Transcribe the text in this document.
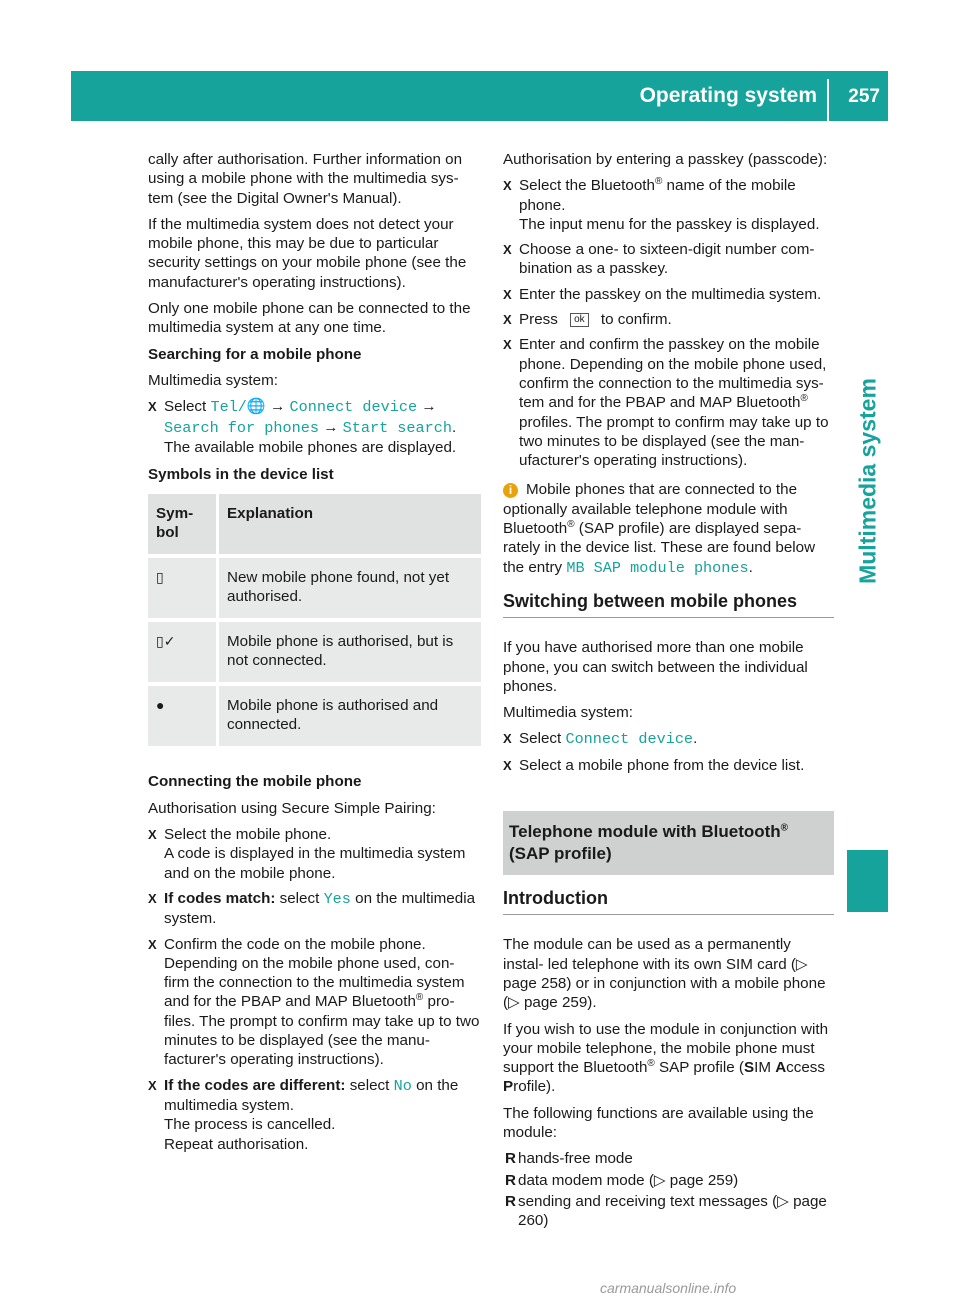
Operating system 257
Multimedia system

cally after authorisation. Further information on using a mobile phone with the multimedia sys- tem (see the Digital Owner's Manual).

If the multimedia system does not detect your mobile phone, this may be due to particular security settings on your mobile phone (see the manufacturer's operating instructions).

Only one mobile phone can be connected to the multimedia system at any one time.

Searching for a mobile phone

Multimedia system:

X Select Tel/🌐 → Connect device → Search for phones → Start search.
The available mobile phones are displayed.

Symbols in the device list

Sym- bol	Explanation
▯	New mobile phone found, not yet authorised.
▯✓	Mobile phone is authorised, but is not connected.
●	Mobile phone is authorised and connected.

Connecting the mobile phone

Authorisation using Secure Simple Pairing:

X Select the mobile phone.
A code is displayed in the multimedia system and on the mobile phone.
X If codes match: select Yes on the multimedia system.
X Confirm the code on the mobile phone.
Depending on the mobile phone used, con- firm the connection to the multimedia system and for the PBAP and MAP Bluetooth® pro- files. The prompt to confirm may take up to two minutes to be displayed (see the manu- facturer's operating instructions).
X If the codes are different: select No on the multimedia system.
The process is cancelled.
Repeat authorisation.

Authorisation by entering a passkey (passcode):

X Select the Bluetooth® name of the mobile phone.
The input menu for the passkey is displayed.
X Choose a one- to sixteen-digit number com- bination as a passkey.
X Enter the passkey on the multimedia system.
X Press ok to confirm.
X Enter and confirm the passkey on the mobile phone. Depending on the mobile phone used, confirm the connection to the multimedia sys- tem and for the PBAP and MAP Bluetooth® profiles. The prompt to confirm may take up to two minutes to be displayed (see the man- ufacturer's operating instructions).
i Mobile phones that are connected to the optionally available telephone module with Bluetooth® (SAP profile) are displayed sepa- rately in the device list. These are found below the entry MB SAP module phones.
Switching between mobile phones

If you have authorised more than one mobile phone, you can switch between the individual phones.

Multimedia system:

X Select Connect device.
X Select a mobile phone from the device list.
Telephone module with Bluetooth®
(SAP profile)
Introduction

The module can be used as a permanently instal- led telephone with its own SIM card (▷ page 258) or in conjunction with a mobile phone (▷ page 259).

If you wish to use the module in conjunction with your mobile telephone, the mobile phone must support the Bluetooth® SAP profile (SIM Access Profile).

The following functions are available using the module:

R hands-free mode
R data modem mode (▷ page 259)
R sending and receiving text messages (▷ page 260)
carmanualsonline.info
